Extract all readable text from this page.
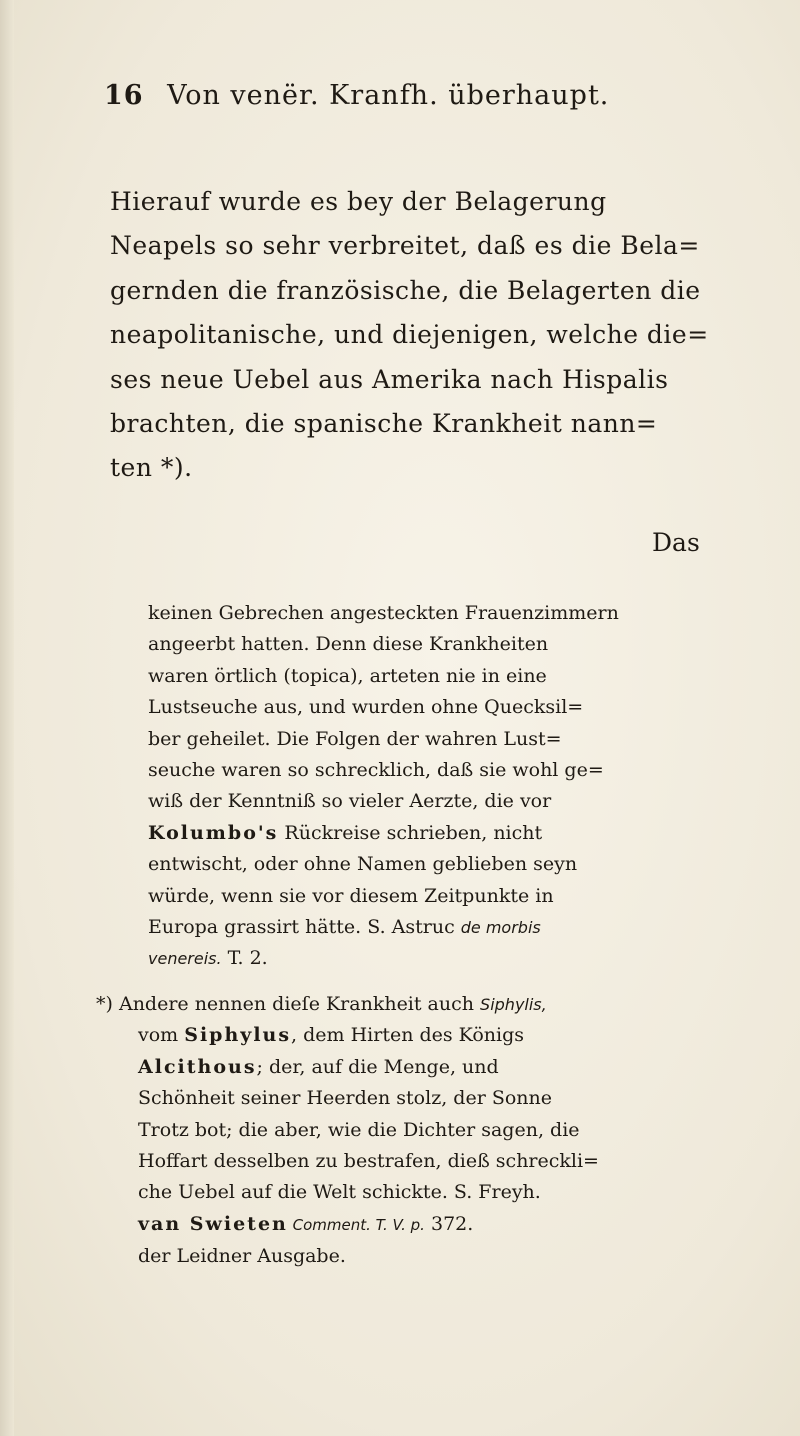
16 Von venër. Kranfh. überhaupt.
Hierauf wurde es bey der Belagerung
Neapels so sehr verbreitet, daß es die Bela=
gernden die französische, die Belagerten die
neapolitanische, und diejenigen, welche die=
ses neue Uebel aus Amerika nach Hispalis
brachten, die spanische Krankheit nann=
ten *).
Das
keinen Gebrechen angesteckten Frauenzimmern
angeerbt hatten. Denn diese Krankheiten
waren örtlich (topica), arteten nie in eine
Lustseuche aus, und wurden ohne Quecksil=
ber geheilet. Die Folgen der wahren Lust=
seuche waren so schrecklich, daß sie wohl ge=
wiß der Kenntniß so vieler Aerzte, die vor
Kolumbo's Rückreise schrieben, nicht
entwischt, oder ohne Namen geblieben seyn
würde, wenn sie vor diesem Zeitpunkte in
Europa grassirt hätte. S. Astruc de morbis
venereis. T. 2.
*) Andere nennen dieſe Krankheit auch Siphylis,
vom Siphylus, dem Hirten des Königs
Alcithous; der, auf die Menge, und
Schönheit seiner Heerden stolz, der Sonne
Trotz bot; die aber, wie die Dichter sagen, die
Hoffart desselben zu bestrafen, dieß schreckli=
che Uebel auf die Welt schickte. S. Freyh.
van Swieten Comment. T. V. p. 372.
der Leidner Ausgabe.
